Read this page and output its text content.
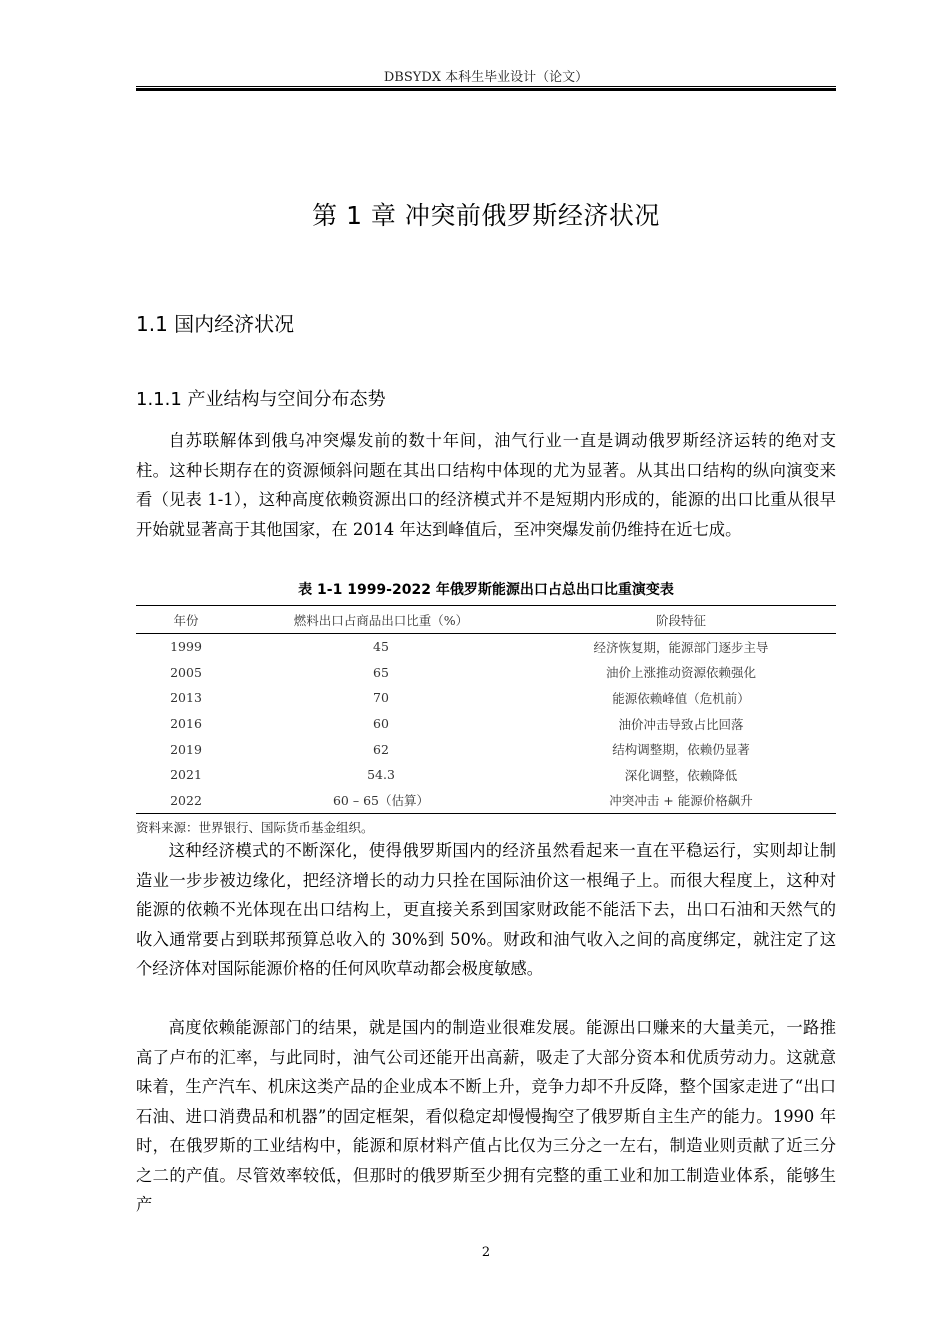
DBSYDX 本科生毕业设计（论文）
第 1 章 冲突前俄罗斯经济状况
1.1 国内经济状况
1.1.1 产业结构与空间分布态势

自苏联解体到俄乌冲突爆发前的数十年间，油气行业一直是调动俄罗斯经济运转的绝对支柱。这种长期存在的资源倾斜问题在其出口结构中体现的尤为显著。从其出口结构的纵向演变来看（见表 1-1），这种高度依赖资源出口的经济模式并不是短期内形成的，能源的出口比重从很早开始就显著高于其他国家，在 2014 年达到峰值后，至冲突爆发前仍维持在近七成。

表 1-1 1999-2022 年俄罗斯能源出口占总出口比重演变表
年份	燃料出口占商品出口比重（%）	阶段特征
1999	45	经济恢复期，能源部门逐步主导
2005	65	油价上涨推动资源依赖强化
2013	70	能源依赖峰值（危机前）
2016	60	油价冲击导致占比回落
2019	62	结构调整期，依赖仍显著
2021	54.3	深化调整，依赖降低
2022	60 – 65（估算）	冲突冲击 + 能源价格飙升
资料来源：世界银行、国际货币基金组织。

这种经济模式的不断深化，使得俄罗斯国内的经济虽然看起来一直在平稳运行，实则却让制造业一步步被边缘化，把经济增长的动力只拴在国际油价这一根绳子上。而很大程度上，这种对能源的依赖不光体现在出口结构上，更直接关系到国家财政能不能活下去，出口石油和天然气的收入通常要占到联邦预算总收入的 30%到 50%。财政和油气收入之间的高度绑定，就注定了这个经济体对国际能源价格的任何风吹草动都会极度敏感。

高度依赖能源部门的结果，就是国内的制造业很难发展。能源出口赚来的大量美元，一路推高了卢布的汇率，与此同时，油气公司还能开出高薪，吸走了大部分资本和优质劳动力。这就意味着，生产汽车、机床这类产品的企业成本不断上升，竞争力却不升反降，整个国家走进了“出口石油、进口消费品和机器”的固定框架，看似稳定却慢慢掏空了俄罗斯自主生产的能力。1990 年时，在俄罗斯的工业结构中，能源和原材料产值占比仅为三分之一左右，制造业则贡献了近三分之二的产值。尽管效率较低，但那时的俄罗斯至少拥有完整的重工业和加工制造业体系，能够生产

2
